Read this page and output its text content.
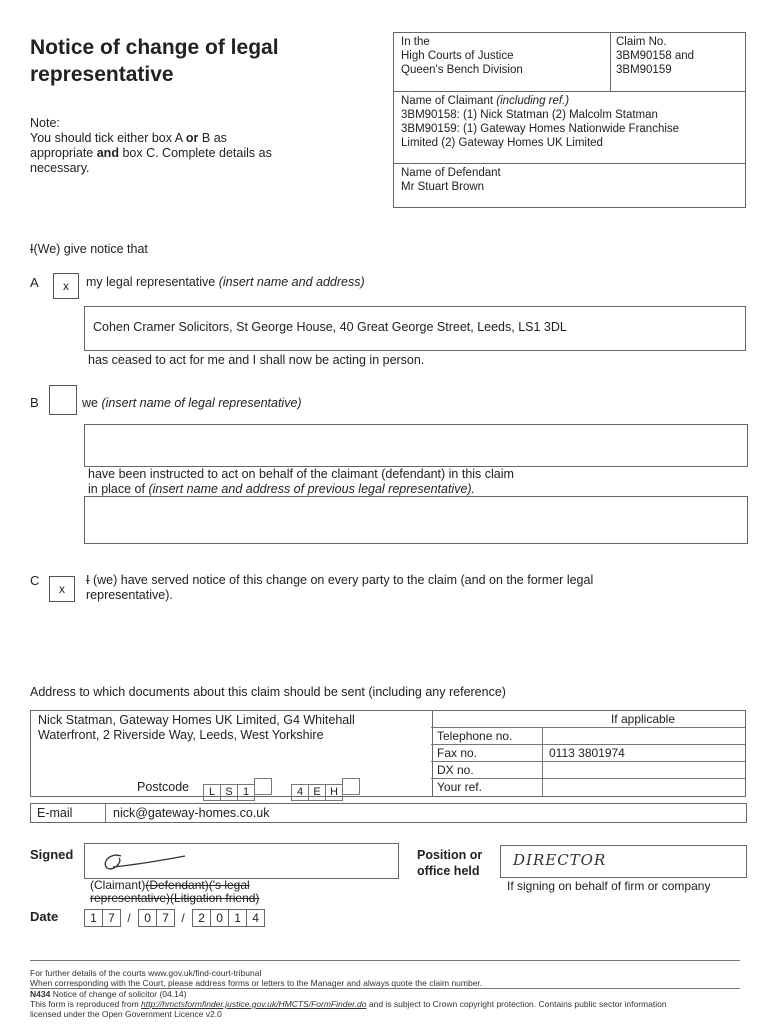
Notice of change of legal representative
Note:
You should tick either box A or B as appropriate and box C. Complete details as necessary.
In the
High Courts of Justice
Queen's Bench Division
Claim No.
3BM90158 and
3BM90159
Name of Claimant (including ref.)
3BM90158: (1) Nick Statman (2) Malcolm Statman
3BM90159: (1) Gateway Homes Nationwide Franchise
Limited (2) Gateway Homes UK Limited
Name of Defendant
Mr Stuart Brown
I(We) give notice that
A	x	my legal representative (insert name and address)
Cohen Cramer Solicitors, St George House, 40 Great George Street, Leeds, LS1 3DL
has ceased to act for me and I shall now be acting in person.
B	we (insert name of legal representative)
have been instructed to act on behalf of the claimant (defendant) in this claim
in place of (insert name and address of previous legal representative).
C
x
I (we) have served notice of this change on every party to the claim (and on the former legal
representative).
Address to which documents about this claim should be sent (including any reference)
Nick Statman, Gateway Homes UK Limited, G4 Whitehall
Waterfront, 2 Riverside Way, Leeds, West Yorkshire
Postcode	L S 1	4 E H
If applicable
Telephone no.
Fax no.	0113 3801974
DX no.
Your ref.
E-mail	nick@gateway-homes.co.uk
Signed
(Claimant)(Defendant)('s legal
representative)(Litigation friend)
Position or
office held
DIRECTOR
If signing on behalf of firm or company
Date	1 7 / 0 7 / 2 0 1 4
For further details of the courts www.gov.uk/find-court-tribunal
When corresponding with the Court, please address forms or letters to the Manager and always quote the claim number.
N434 Notice of change of solicitor (04.14)
This form is reproduced from http://hmctsformfinder.justice.gov.uk/HMCTS/FormFinder.do and is subject to Crown copyright protection. Contains public sector information
licensed under the Open Government Licence v2.0
